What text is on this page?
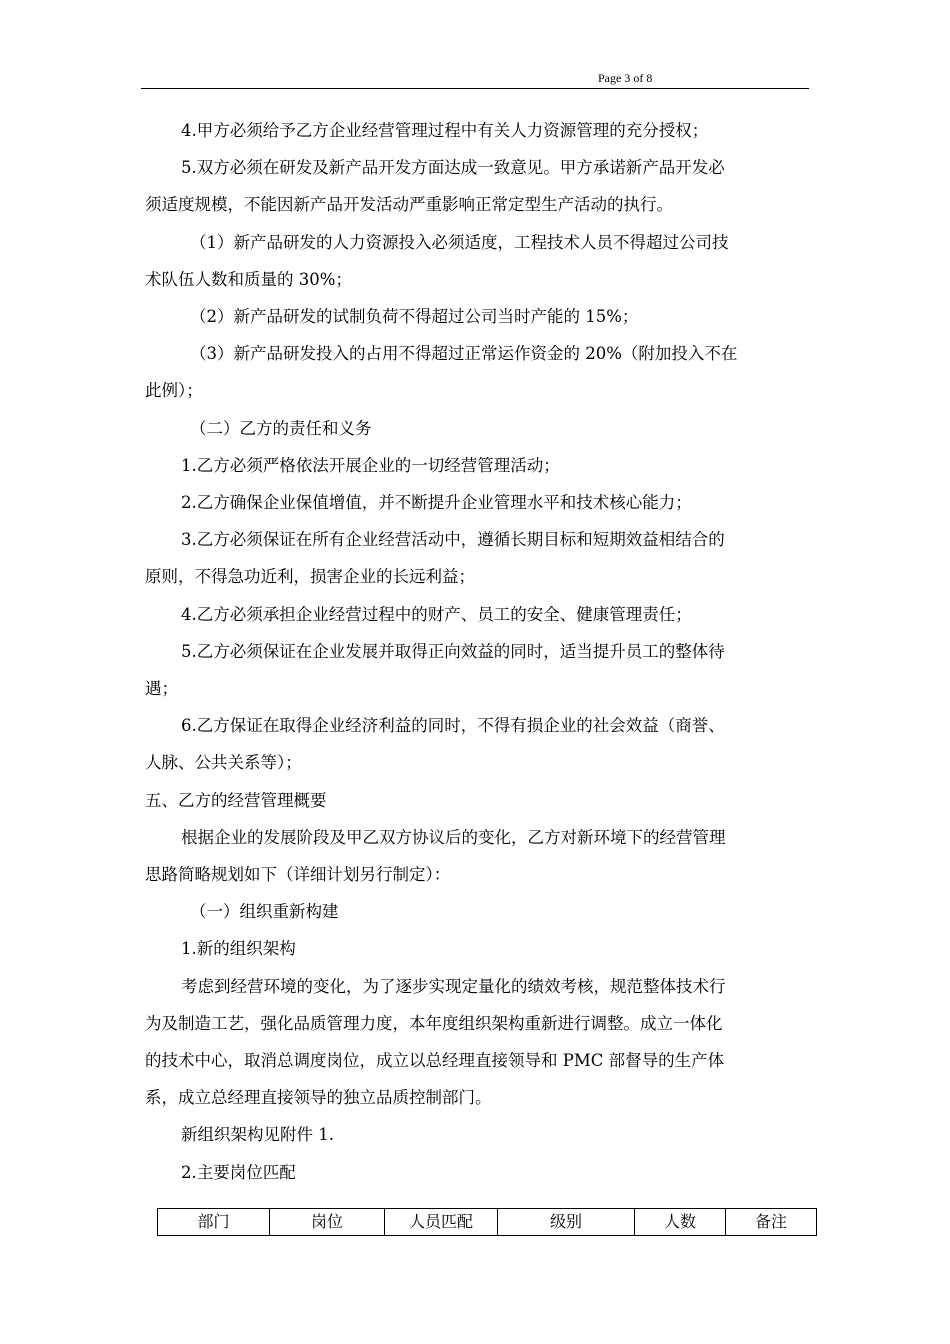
Page 3 of 8

4.甲方必须给予乙方企业经营管理过程中有关人力资源管理的充分授权；

5.双方必须在研发及新产品开发方面达成一致意见。甲方承诺新产品开发必

须适度规模，不能因新产品开发活动严重影响正常定型生产活动的执行。

（1）新产品研发的人力资源投入必须适度，工程技术人员不得超过公司技

术队伍人数和质量的 30%；

（2）新产品研发的试制负荷不得超过公司当时产能的 15%；

（3）新产品研发投入的占用不得超过正常运作资金的 20%（附加投入不在

此例）；

（二）乙方的责任和义务

1.乙方必须严格依法开展企业的一切经营管理活动；

2.乙方确保企业保值增值，并不断提升企业管理水平和技术核心能力；

3.乙方必须保证在所有企业经营活动中，遵循长期目标和短期效益相结合的

原则，不得急功近利，损害企业的长远利益；

4.乙方必须承担企业经营过程中的财产、员工的安全、健康管理责任；

5.乙方必须保证在企业发展并取得正向效益的同时，适当提升员工的整体待

遇；

6.乙方保证在取得企业经济利益的同时，不得有损企业的社会效益（商誉、

人脉、公共关系等）；

五、乙方的经营管理概要

根据企业的发展阶段及甲乙双方协议后的变化，乙方对新环境下的经营管理

思路简略规划如下（详细计划另行制定）：

（一）组织重新构建

1.新的组织架构

考虑到经营环境的变化，为了逐步实现定量化的绩效考核，规范整体技术行

为及制造工艺，强化品质管理力度，本年度组织架构重新进行调整。成立一体化

的技术中心，取消总调度岗位，成立以总经理直接领导和 PMC 部督导的生产体

系，成立总经理直接领导的独立品质控制部门。

新组织架构见附件 1.

2.主要岗位匹配

部门	岗位	人员匹配	级别	人数	备注
